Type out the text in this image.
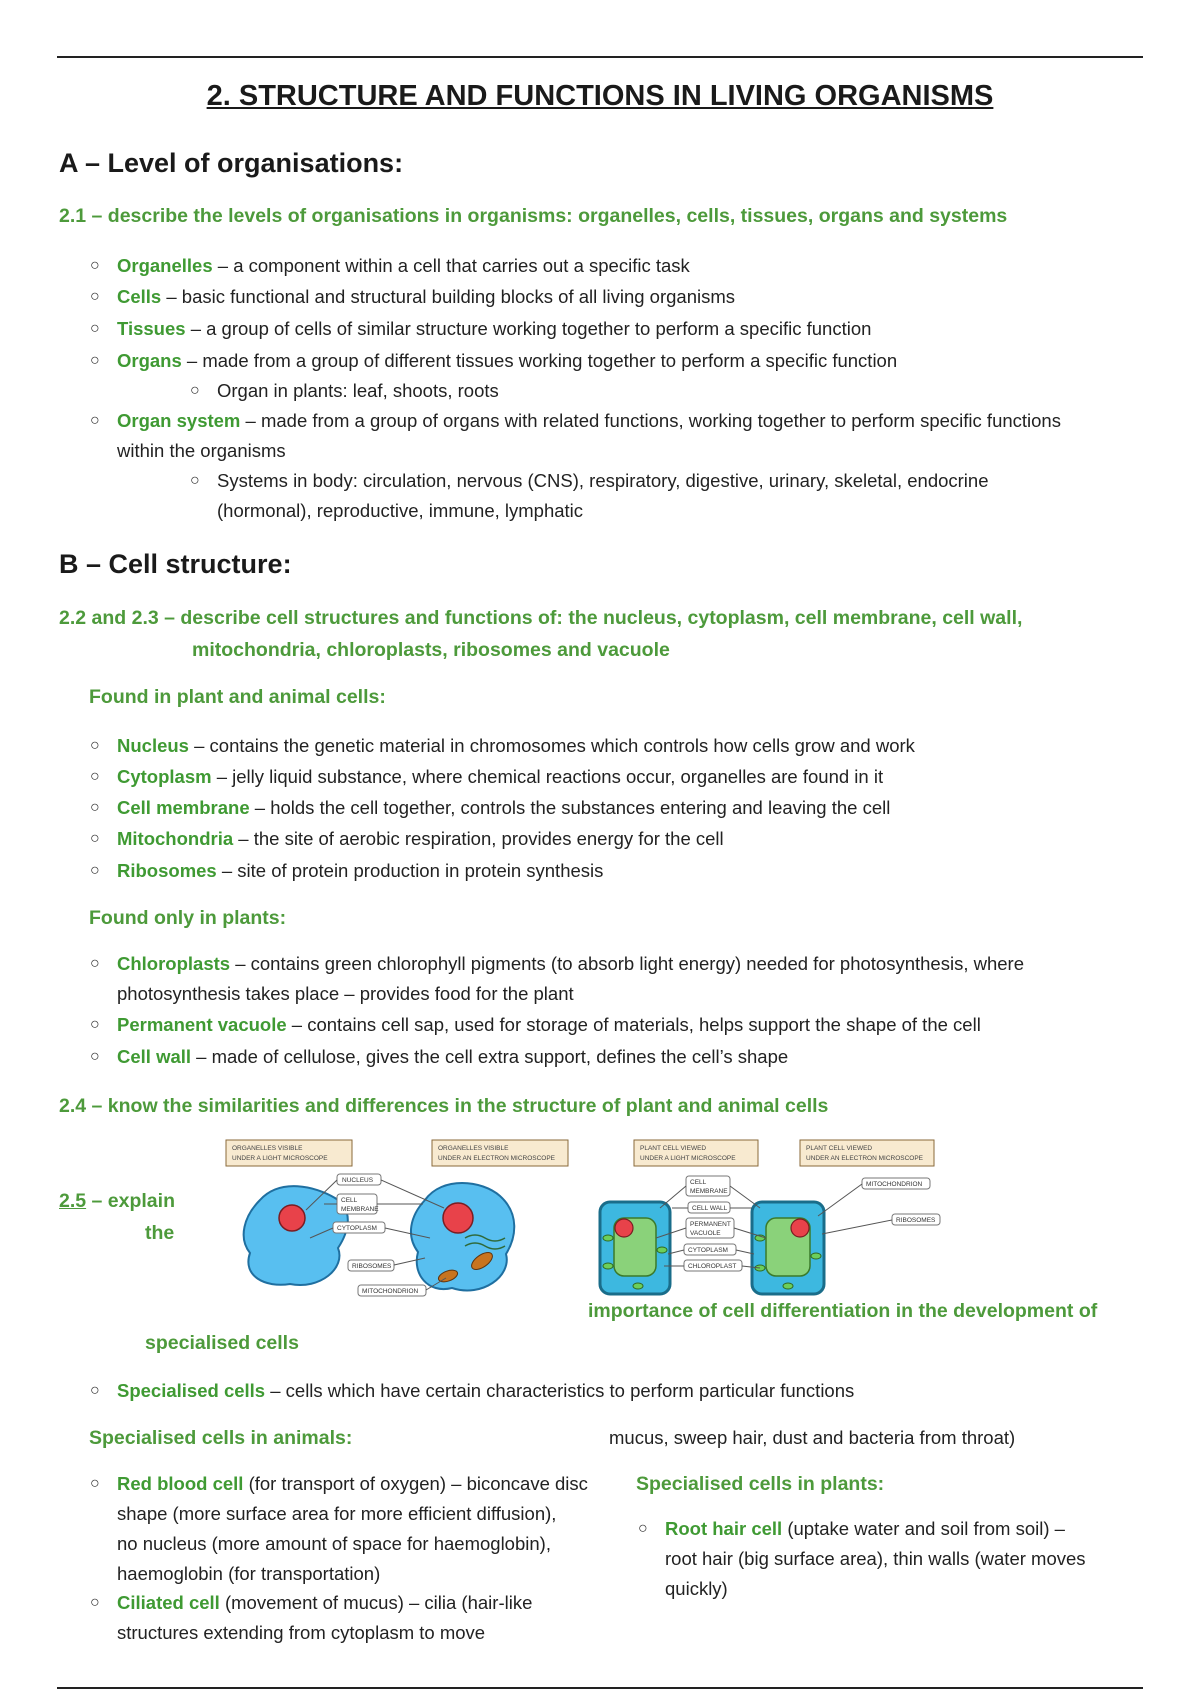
2. STRUCTURE AND FUNCTIONS IN LIVING ORGANISMS
A – Level of organisations:
2.1 – describe the levels of organisations in organisms: organelles, cells, tissues, organs and systems
○ Organelles – a component within a cell that carries out a specific task
○ Cells – basic functional and structural building blocks of all living organisms
○ Tissues – a group of cells of similar structure working together to perform a specific function
○ Organs – made from a group of different tissues working together to perform a specific function
○ Organ in plants: leaf, shoots, roots
○ Organ system – made from a group of organs with related functions, working together to perform specific functions within the organisms
○ Systems in body: circulation, nervous (CNS), respiratory, digestive, urinary, skeletal, endocrine (hormonal), reproductive, immune, lymphatic
B – Cell structure:
2.2 and 2.3 – describe cell structures and functions of: the nucleus, cytoplasm, cell membrane, cell wall,
mitochondria, chloroplasts, ribosomes and vacuole
Found in plant and animal cells:
○ Nucleus – contains the genetic material in chromosomes which controls how cells grow and work
○ Cytoplasm – jelly liquid substance, where chemical reactions occur, organelles are found in it
○ Cell membrane – holds the cell together, controls the substances entering and leaving the cell
○ Mitochondria – the site of aerobic respiration, provides energy for the cell
○ Ribosomes – site of protein production in protein synthesis
Found only in plants:
○ Chloroplasts – contains green chlorophyll pigments (to absorb light energy) needed for photosynthesis, where photosynthesis takes place – provides food for the plant
○ Permanent vacuole – contains cell sap, used for storage of materials, helps support the shape of the cell
○ Cell wall – made of cellulose, gives the cell extra support, defines the cell’s shape
2.4 – know the similarities and differences in the structure of plant and animal cells
2.5 – explain
the
importance of cell differentiation in the development of
specialised cells
ORGANELLES VISIBLE
UNDER A LIGHT MICROSCOPE
ORGANELLES VISIBLE
UNDER AN ELECTRON MICROSCOPE
PLANT CELL VIEWED
UNDER A LIGHT MICROSCOPE
PLANT CELL VIEWED
UNDER AN ELECTRON MICROSCOPE
NUCLEUS
CELL
MEMBRANE
CYTOPLASM
RIBOSOMES
MITOCHONDRION
CELL
MEMBRANE
CELL WALL
PERMANENT
VACUOLE
CYTOPLASM
CHLOROPLAST
MITOCHONDRION
RIBOSOMES
○ Specialised cells – cells which have certain characteristics to perform particular functions
Specialised cells in animals:	mucus, sweep hair, dust and bacteria from throat)
○ Red blood cell (for transport of oxygen) – biconcave disc
shape (more surface area for more efficient diffusion),
no nucleus (more amount of space for haemoglobin),
haemoglobin (for transportation)
○ Ciliated cell (movement of mucus) – cilia (hair-like
structures extending from cytoplasm to move
Specialised cells in plants:
○ Root hair cell (uptake water and soil from soil) –
root hair (big surface area), thin walls (water moves
quickly)
